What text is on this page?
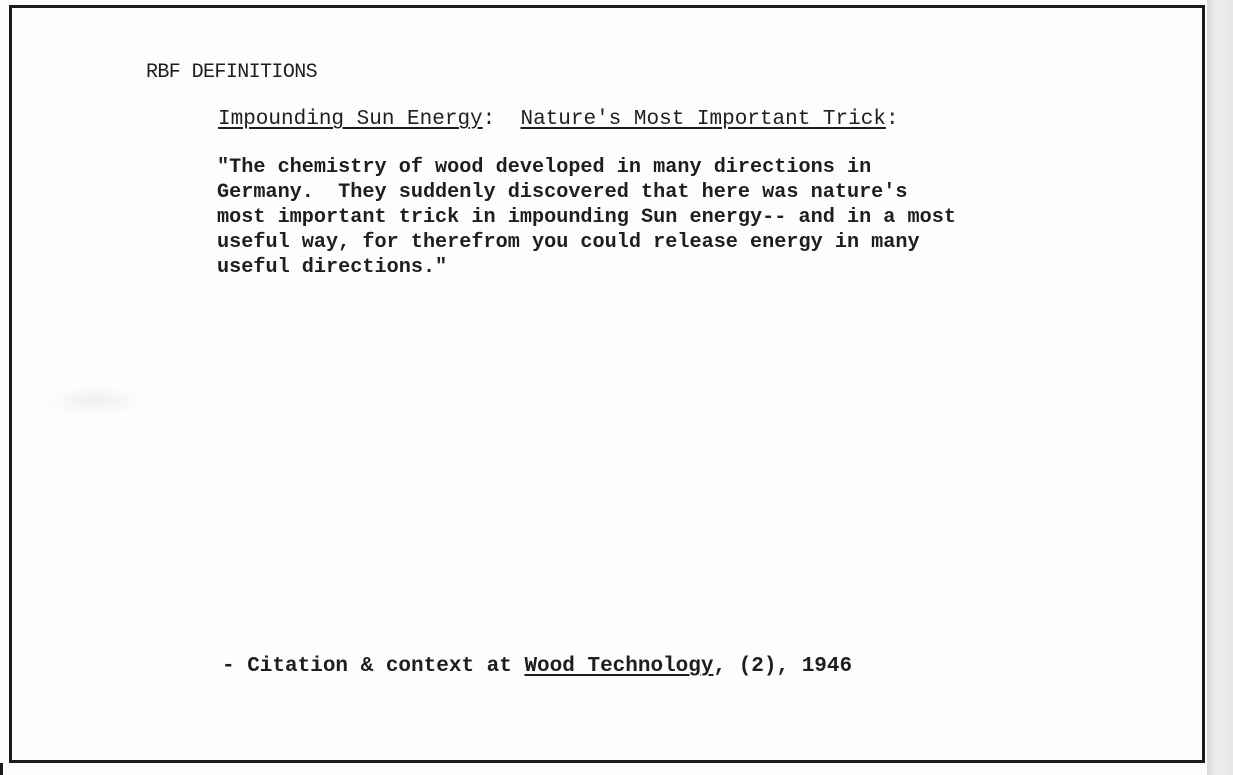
RBF DEFINITIONS

Impounding Sun Energy:  Nature's Most Important Trick:

"The chemistry of wood developed in many directions in
Germany.  They suddenly discovered that here was nature's
most important trick in impounding Sun energy-- and in a most
useful way, for therefrom you could release energy in many
useful directions."

- Citation & context at Wood Technology, (2), 1946
